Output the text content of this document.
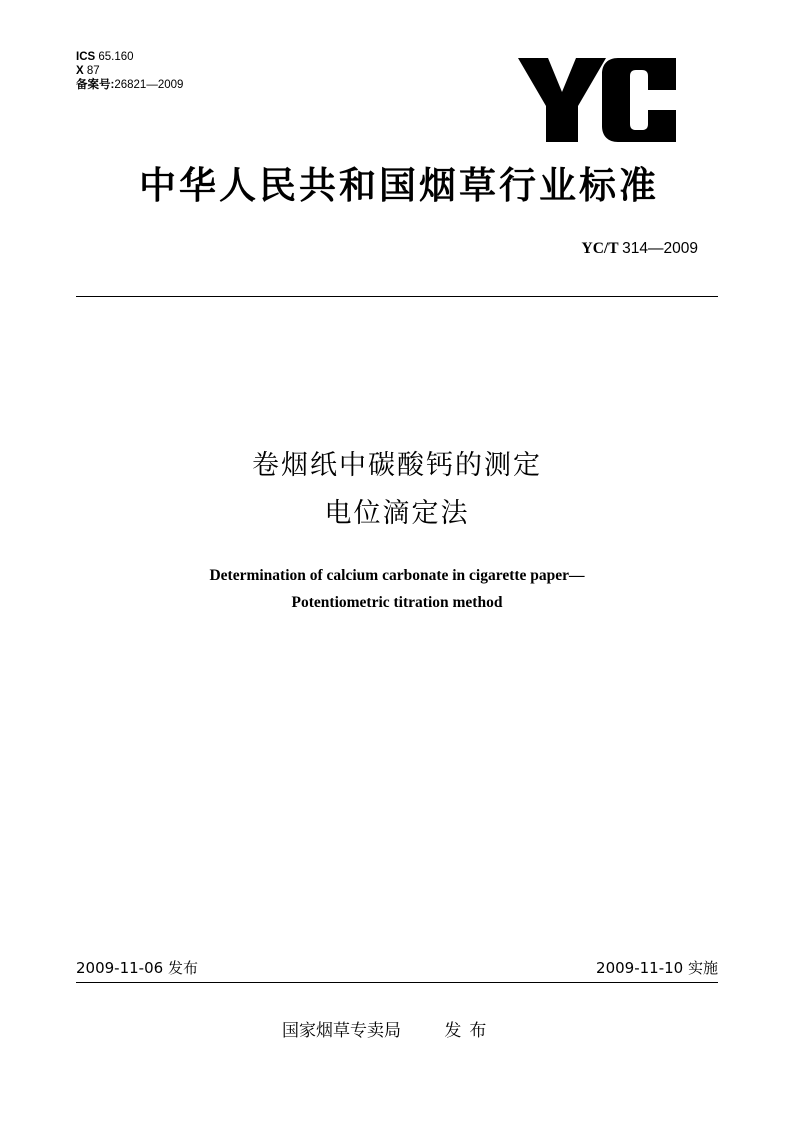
ICS 65.160
X 87
备案号:26821—2009
中华人民共和国烟草行业标准
YC/T 314—2009
卷烟纸中碳酸钙的测定
电位滴定法
Determination of calcium carbonate in cigarette paper—
Potentiometric titration method
2009-11-06 发布	2009-11-10 实施
国家烟草专卖局	发布
